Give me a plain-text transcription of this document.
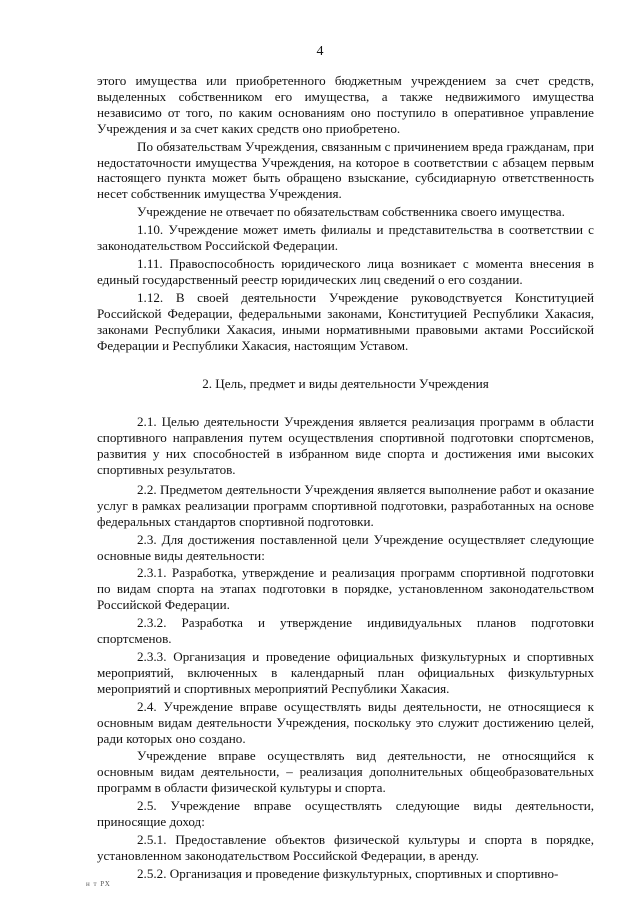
4

этого имущества или приобретенного бюджетным учреждением за счет средств, выделенных собственником его имущества, а также недвижимого имущества независимо от того, по каким основаниям оно поступило в оперативное управление Учреждения и за счет каких средств оно приобретено.

По обязательствам Учреждения, связанным с причинением вреда гражданам, при недостаточности имущества Учреждения, на которое в соответствии с абзацем первым настоящего пункта может быть обращено взыскание, субсидиарную ответственность несет собственник имущества Учреждения.

Учреждение не отвечает по обязательствам собственника своего имущества.

1.10. Учреждение может иметь филиалы и представительства в соответствии с законодательством Российской Федерации.

1.11. Правоспособность юридического лица возникает с момента внесения в единый государственный реестр юридических лиц сведений о его создании.

1.12. В своей деятельности Учреждение руководствуется Конституцией Российской Федерации, федеральными законами, Конституцией Республики Хакасия, законами Республики Хакасия, иными нормативными правовыми актами Российской Федерации и Республики Хакасия, настоящим Уставом.

2. Цель, предмет и виды деятельности Учреждения

2.1. Целью деятельности Учреждения является реализация программ в области спортивного направления путем осуществления спортивной подготовки спортсменов, развития у них способностей в избранном виде спорта и достижения ими высоких спортивных результатов.

2.2. Предметом деятельности Учреждения является выполнение работ и оказание услуг в рамках реализации программ спортивной подготовки, разработанных на основе федеральных стандартов спортивной подготовки.

2.3. Для достижения поставленной цели Учреждение осуществляет следующие основные виды деятельности:

2.3.1. Разработка, утверждение и реализация программ спортивной подготовки по видам спорта на этапах подготовки в порядке, установленном законодательством Российской Федерации.

2.3.2. Разработка и утверждение индивидуальных планов подготовки спортсменов.

2.3.3. Организация и проведение официальных физкультурных и спортивных мероприятий, включенных в календарный план официальных физкультурных мероприятий и спортивных мероприятий Республики Хакасия.

2.4. Учреждение вправе осуществлять виды деятельности, не относящиеся к основным видам деятельности Учреждения, поскольку это служит достижению целей, ради которых оно создано.

Учреждение вправе осуществлять вид деятельности, не относящийся к основным видам деятельности, – реализация дополнительных общеобразовательных программ в области физической культуры и спорта.

2.5. Учреждение вправе осуществлять следующие виды деятельности, приносящие доход:

2.5.1. Предоставление объектов физической культуры и спорта в порядке, установленном законодательством Российской Федерации, в аренду.

2.5.2. Организация и проведение физкультурных, спортивных и спортивно-

н т РХ
